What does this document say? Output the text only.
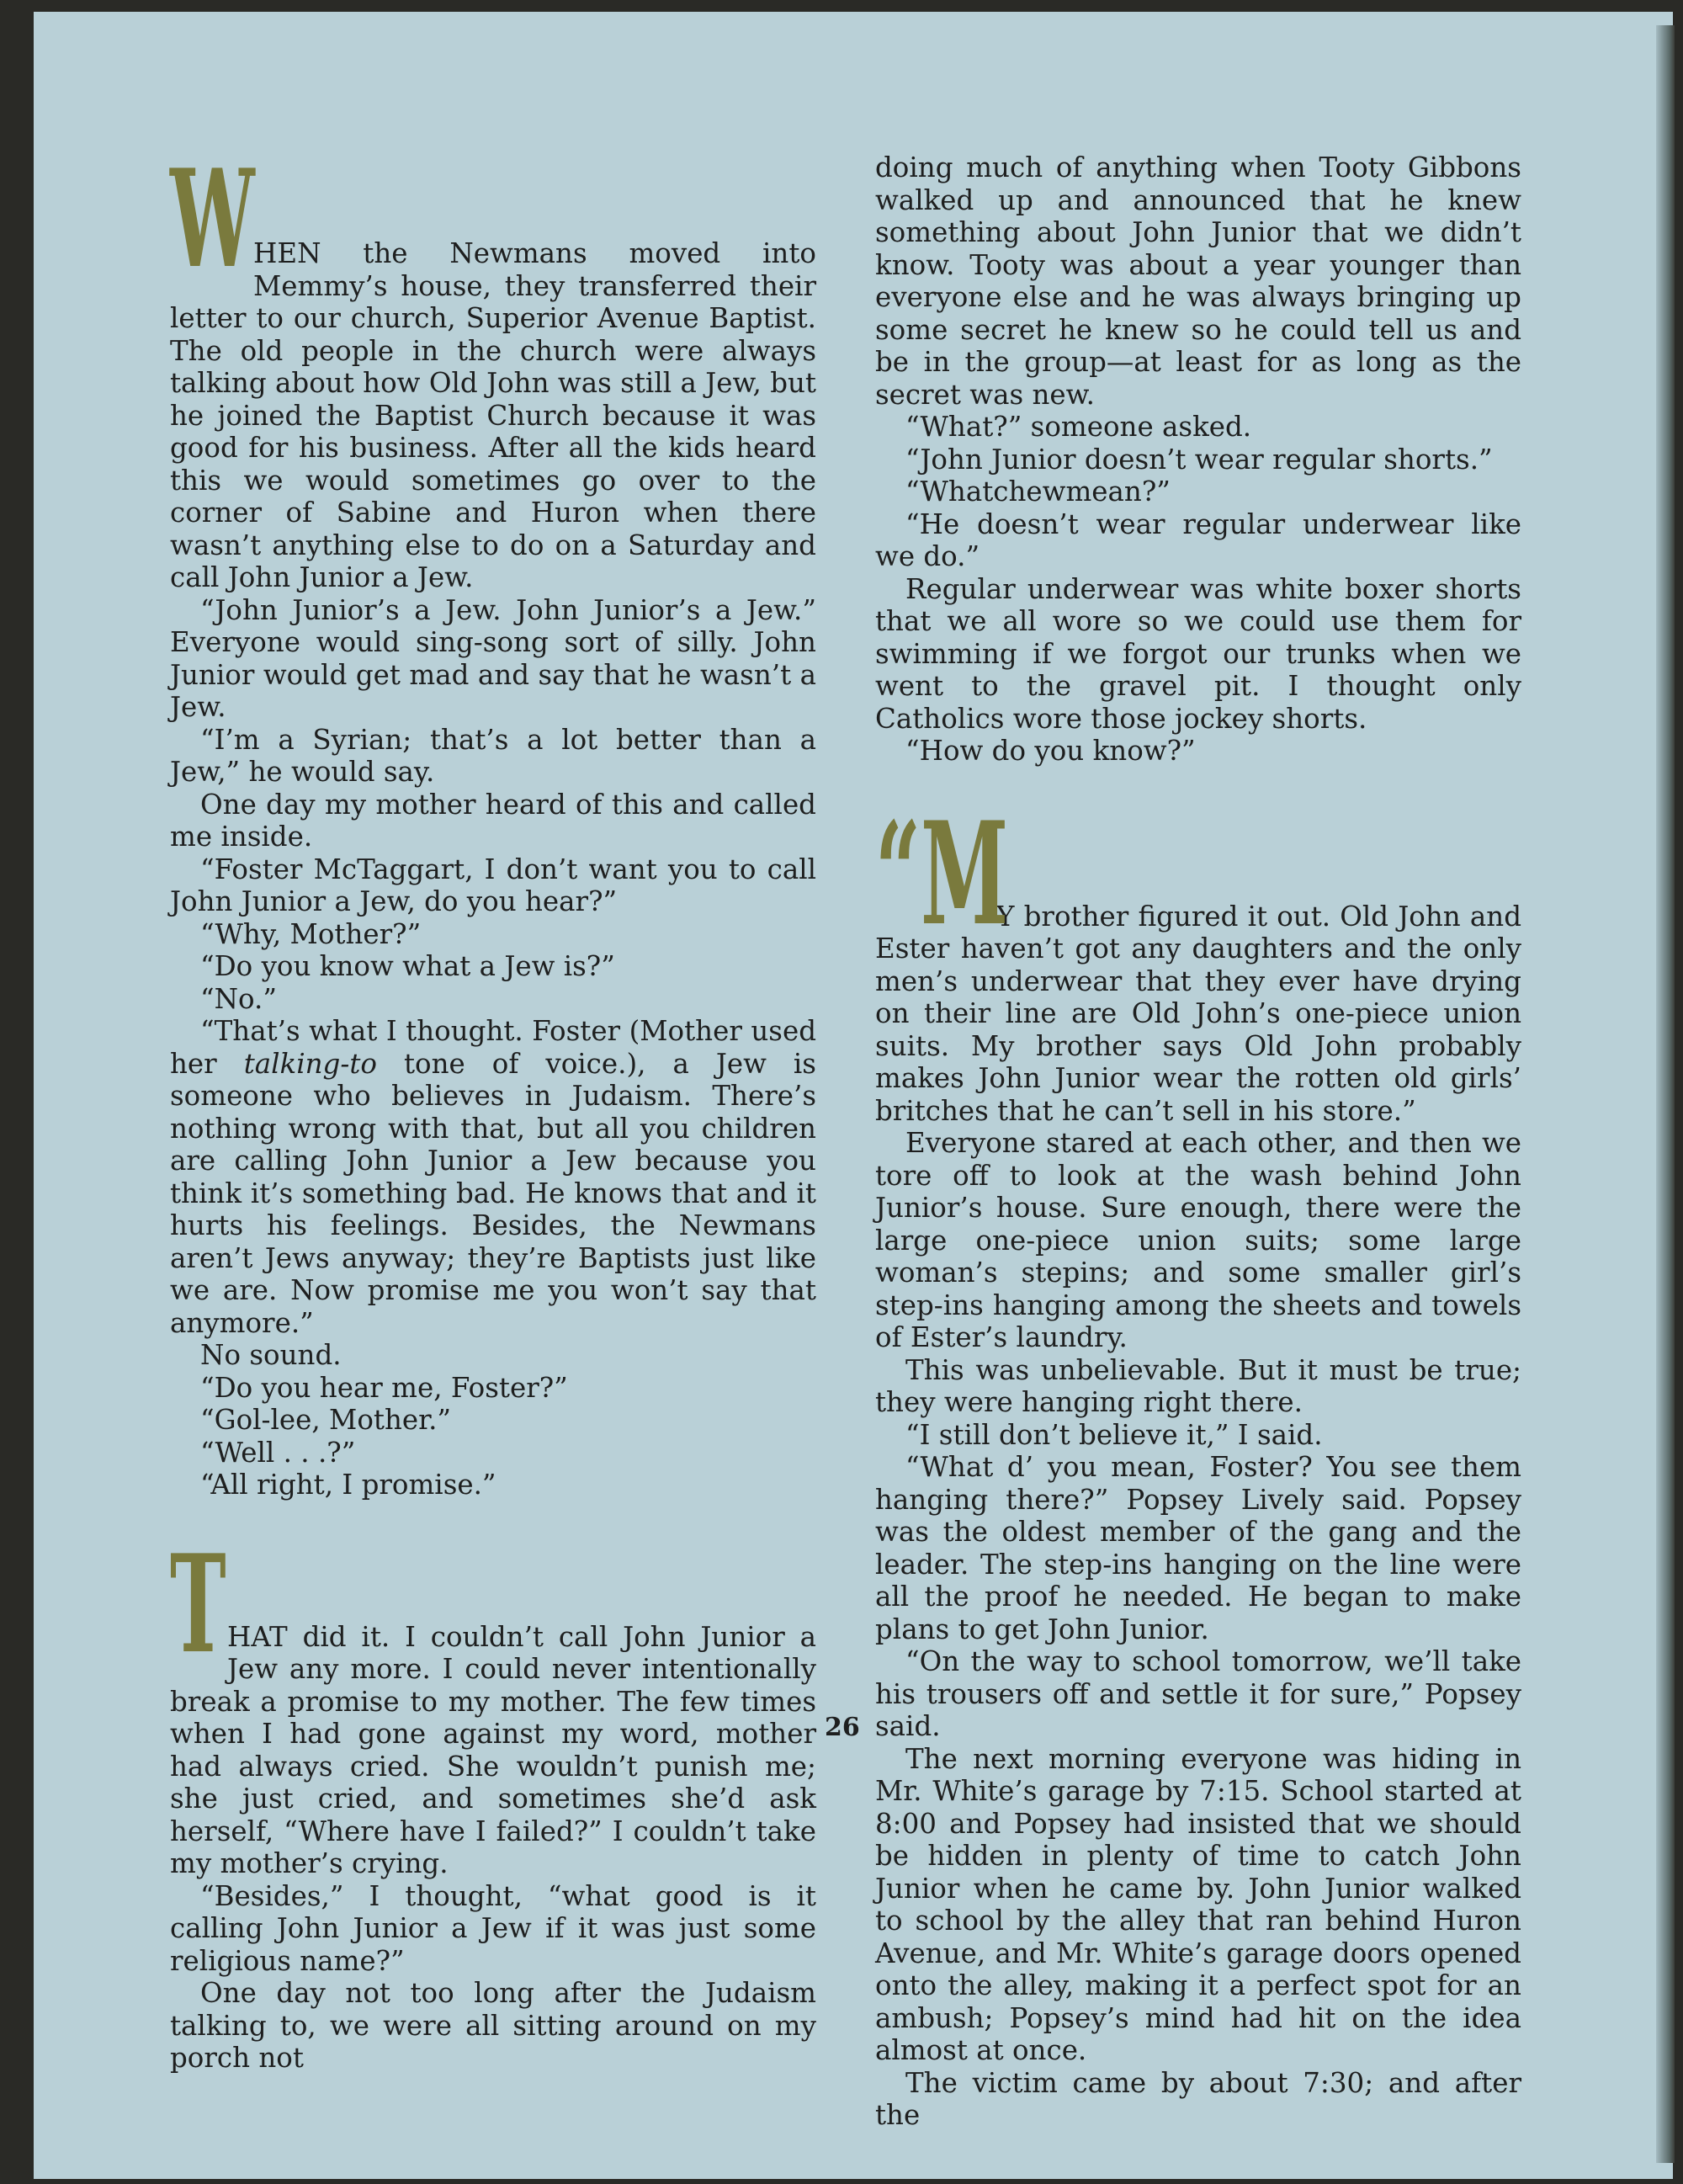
W
HEN the Newmans moved into Memmy’s house, they transferred their letter to our church, Superior Avenue Baptist. The old people in the church were always talking about how Old John was still a Jew, but he joined the Baptist Church because it was good for his business. After all the kids heard this we would sometimes go over to the corner of Sabine and Huron when there wasn’t anything else to do on a Saturday and call John Junior a Jew.

“John Junior’s a Jew. John Junior’s a Jew.” Everyone would sing-song sort of silly. John Junior would get mad and say that he wasn’t a Jew.

“I’m a Syrian; that’s a lot better than a Jew,” he would say.

One day my mother heard of this and called me inside.

“Foster McTaggart, I don’t want you to call John Junior a Jew, do you hear?”

“Why, Mother?”

“Do you know what a Jew is?”

“No.”

“That’s what I thought. Foster (Mother used her talking-to tone of voice.), a Jew is someone who believes in Judaism. There’s nothing wrong with that, but all you children are calling John Junior a Jew because you think it’s something bad. He knows that and it hurts his feelings. Besides, the Newmans aren’t Jews anyway; they’re Baptists just like we are. Now promise me you won’t say that anymore.”

No sound.

“Do you hear me, Foster?”

“Gol-lee, Mother.”

“Well . . .?”

“All right, I promise.”

THAT did it. I couldn’t call John Junior a Jew any more. I could never intentionally break a promise to my mother. The few times when I had gone against my word, mother had always cried. She wouldn’t punish me; she just cried, and sometimes she’d ask herself, “Where have I failed?” I couldn’t take my mother’s crying.

“Besides,” I thought, “what good is it calling John Junior a Jew if it was just some religious name?”

One day not too long after the Judaism talking to, we were all sitting around on my porch not

doing much of anything when Tooty Gibbons walked up and announced that he knew something about John Junior that we didn’t know. Tooty was about a year younger than everyone else and he was always bringing up some secret he knew so he could tell us and be in the group—at least for as long as the secret was new.

“What?” someone asked.

“John Junior doesn’t wear regular shorts.”

“Whatchewmean?”

“He doesn’t wear regular underwear like we do.”

Regular underwear was white boxer shorts that we all wore so we could use them for swimming if we forgot our trunks when we went to the gravel pit. I thought only Catholics wore those jockey shorts.

“How do you know?”

“M
Y brother figured it out. Old John and Ester haven’t got any daughters and the only men’s underwear that they ever have drying on their line are Old John’s one-piece union suits. My brother says Old John probably makes John Junior wear the rotten old girls’ britches that he can’t sell in his store.”

Everyone stared at each other, and then we tore off to look at the wash behind John Junior’s house. Sure enough, there were the large one-piece union suits; some large woman’s stepins; and some smaller girl’s step-ins hanging among the sheets and towels of Ester’s laundry.

This was unbelievable. But it must be true; they were hanging right there.

“I still don’t believe it,” I said.

“What d’ you mean, Foster? You see them hanging there?” Popsey Lively said. Popsey was the oldest member of the gang and the leader. The step-ins hanging on the line were all the proof he needed. He began to make plans to get John Junior.

“On the way to school tomorrow, we’ll take his trousers off and settle it for sure,” Popsey said.

The next morning everyone was hiding in Mr. White’s garage by 7:15. School started at 8:00 and Popsey had insisted that we should be hidden in plenty of time to catch John Junior when he came by. John Junior walked to school by the alley that ran behind Huron Avenue, and Mr. White’s garage doors opened onto the alley, making it a perfect spot for an ambush; Popsey’s mind had hit on the idea almost at once.

The victim came by about 7:30; and after the

26
